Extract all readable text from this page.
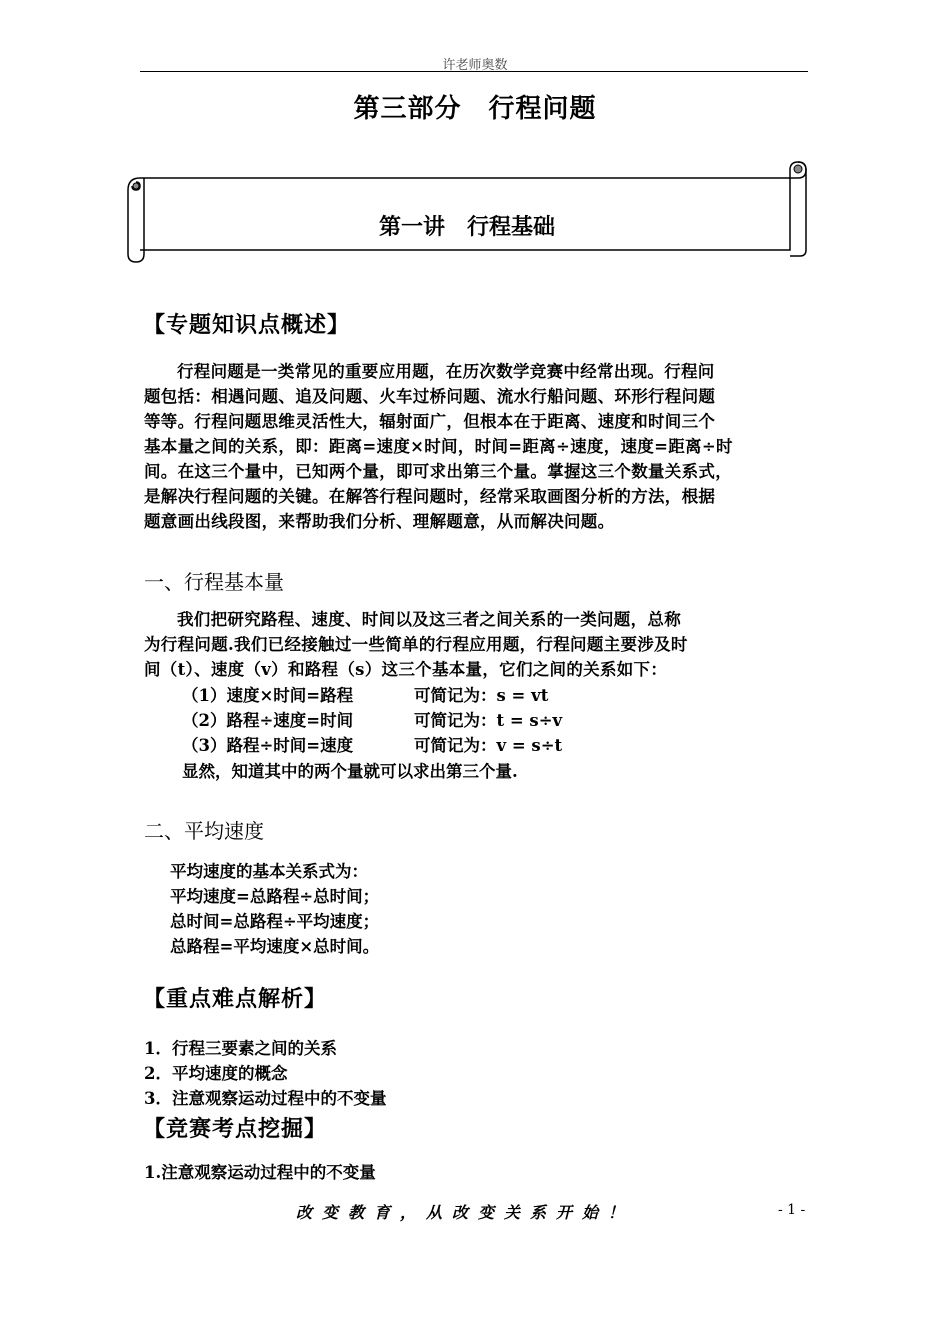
许老师奥数
第三部分　行程问题
第一讲　行程基础
【专题知识点概述】

行程问题是一类常见的重要应用题，在历次数学竞赛中经常出现。行程问

题包括：相遇问题、追及问题、火车过桥问题、流水行船问题、环形行程问题

等等。行程问题思维灵活性大，辐射面广，但根本在于距离、速度和时间三个

基本量之间的关系，即：距离=速度×时间，时间=距离÷速度，速度=距离÷时

间。在这三个量中，已知两个量，即可求出第三个量。掌握这三个数量关系式，

是解决行程问题的关键。在解答行程问题时，经常采取画图分析的方法，根据

题意画出线段图，来帮助我们分析、理解题意，从而解决问题。

一、行程基本量

我们把研究路程、速度、时间以及这三者之间关系的一类问题，总称

为行程问题.我们已经接触过一些简单的行程应用题，行程问题主要涉及时

间（t）、速度（v）和路程（s）这三个基本量，它们之间的关系如下：

（1）速度×时间=路程	可简记为：s = vt
（2）路程÷速度=时间	可简记为：t = s÷v
（3）路程÷时间=速度	可简记为：v = s÷t
显然，知道其中的两个量就可以求出第三个量.
二、平均速度
平均速度的基本关系式为：
平均速度=总路程÷总时间；
总时间=总路程÷平均速度；
总路程=平均速度×总时间。
【重点难点解析】
1．行程三要素之间的关系
2．平均速度的概念
3．注意观察运动过程中的不变量
【竞赛考点挖掘】
1.注意观察运动过程中的不变量
改变教育，从改变关系开始！	- 1 -
